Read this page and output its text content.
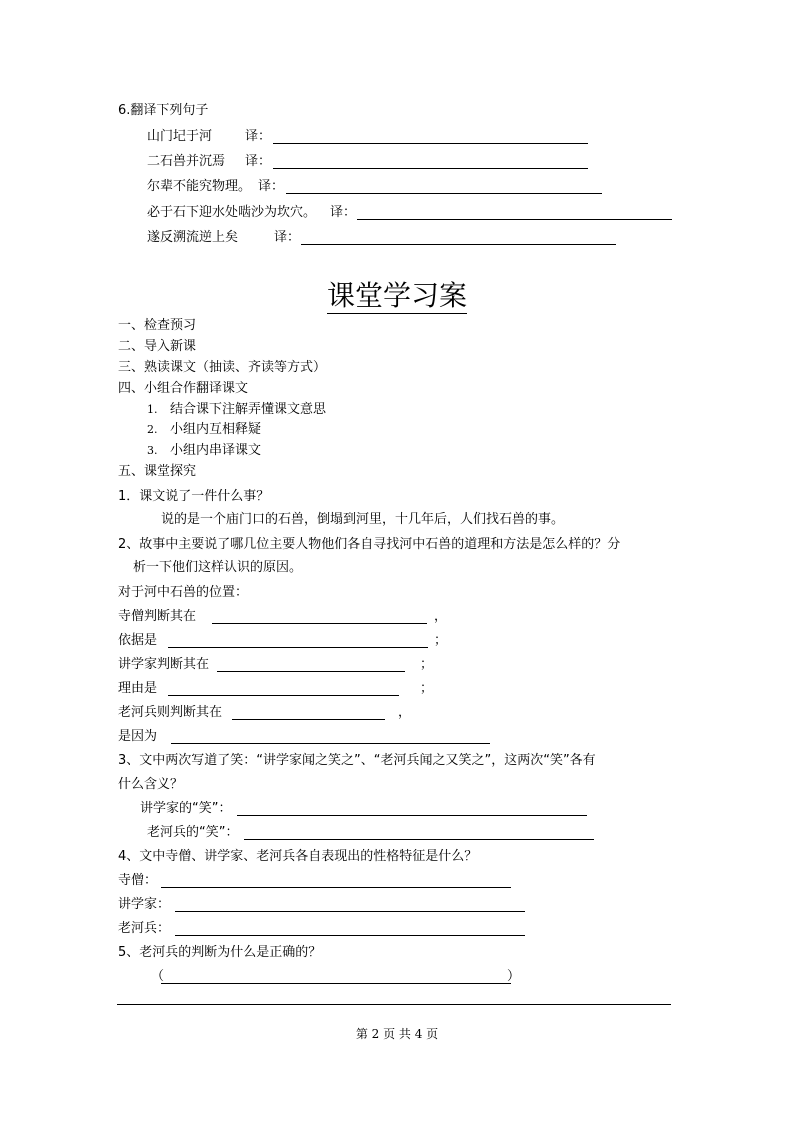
6.翻译下列句子
山门圮于河	译：
二石兽并沉焉 译：
尔辈不能究物理。 译：
必于石下迎水处啮沙为坎穴。 译：
遂反溯流逆上矣	译：
课堂学习案
一、检查预习
二、导入新课
三、熟读课文（抽读、齐读等方式）
四、小组合作翻译课文
1. 结合课下注解弄懂课文意思
2. 小组内互相释疑
3. 小组内串译课文
五、课堂探究
1．课文说了一件什么事？
说的是一个庙门口的石兽，倒塌到河里，十几年后，人们找石兽的事。
2、故事中主要说了哪几位主要人物他们各自寻找河中石兽的道理和方法是怎么样的？分
析一下他们这样认识的原因。
对于河中石兽的位置：
寺僧判断其在	，
依据是	；
讲学家判断其在	；
理由是	；
老河兵则判断其在	，
是因为
3、文中两次写道了笑：“讲学家闻之笑之”、“老河兵闻之又笑之”，这两次“笑”各有
什么含义？
讲学家的“笑”：
老河兵的“笑”：
4、文中寺僧、讲学家、老河兵各自表现出的性格特征是什么？
寺僧：
讲学家：
老河兵：
5、老河兵的判断为什么是正确的？
（	）
第 2 页 共 4 页
